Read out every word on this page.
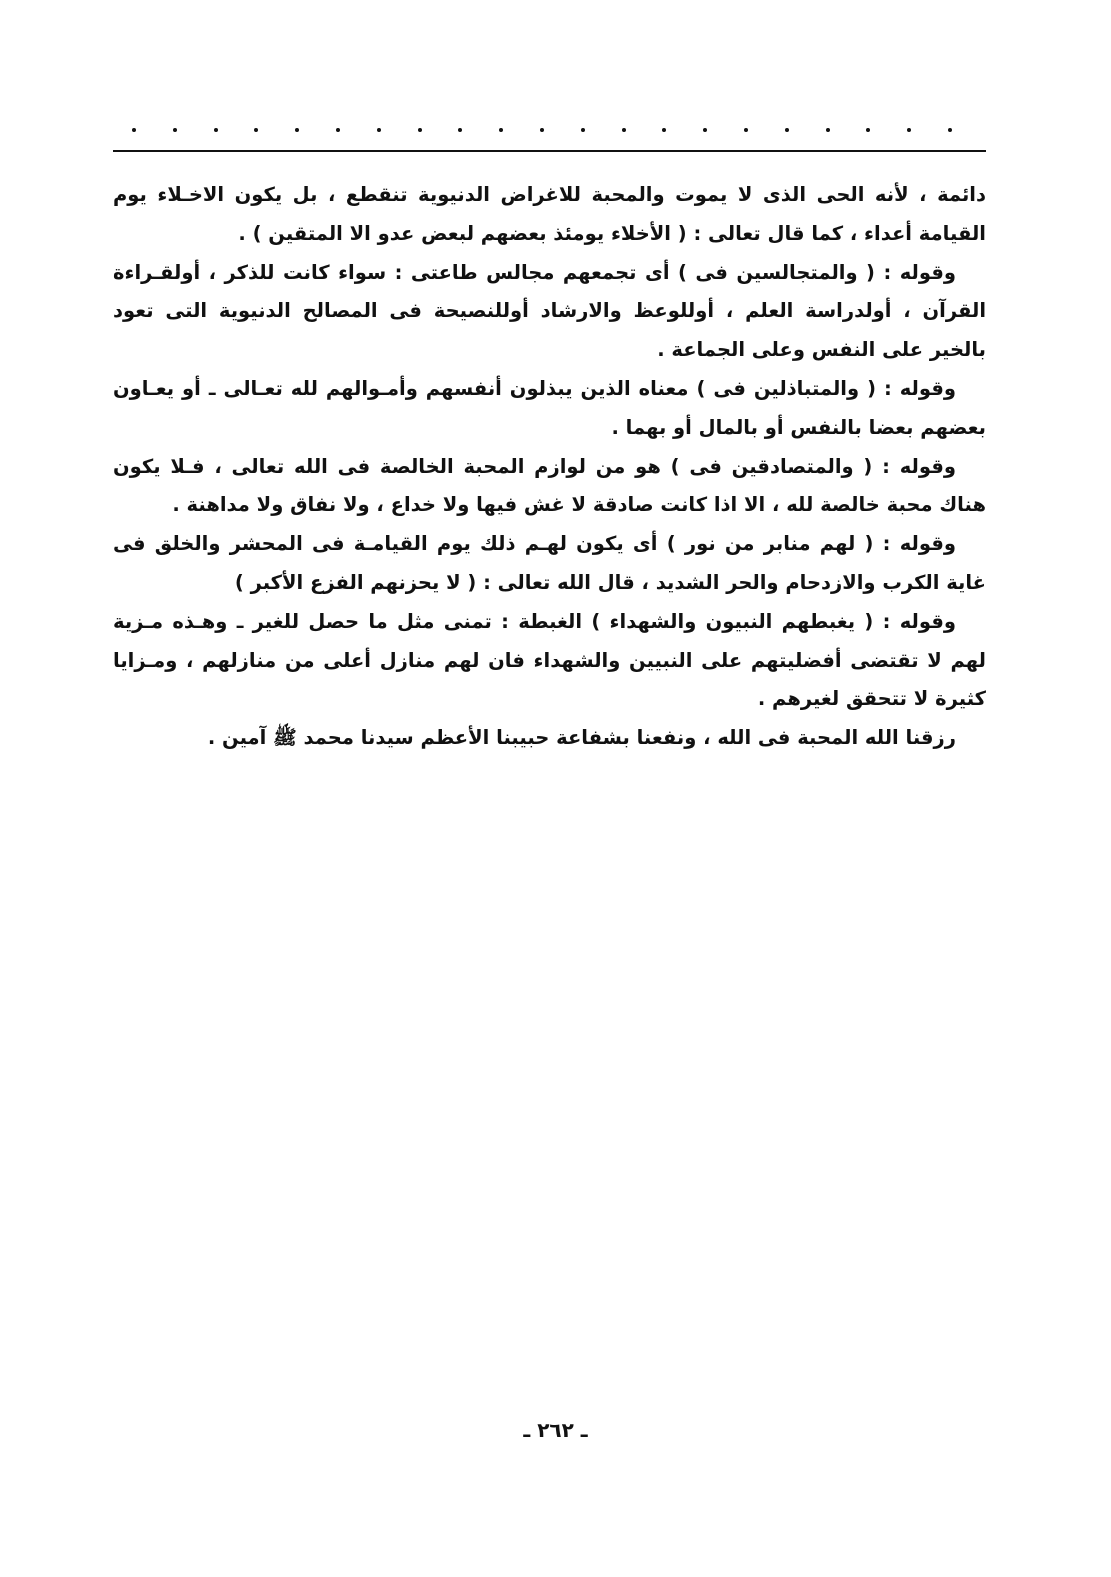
دائمة ، لأنه الحى الذى لا يموت والمحبة للاغراض الدنيوية تنقطع ، بل يكون الاخـلاء يوم القيامة أعداء ، كما قال تعالى : ( الأخلاء يومئذ بعضهم لبعض عدو الا المتقين ) .

وقوله : ( والمتجالسين فى ) أى تجمعهم مجالس طاعتى : سواء كانت للذكر ، أولقـراءة القرآن ، أولدراسة العلم ، أوللوعظ والارشاد أوللنصيحة فى المصالح الدنيوية التى تعود بالخير على النفس وعلى الجماعة .

وقوله : ( والمتباذلين فى ) معناه الذين يبذلون أنفسهم وأمـوالهم لله تعـالى ـ أو يعـاون بعضهم بعضا بالنفس أو بالمال أو بهما .

وقوله : ( والمتصادقين فى ) هو من لوازم المحبة الخالصة فى الله تعالى ، فـلا يكون هناك محبة خالصة لله ، الا اذا كانت صادقة لا غش فيها ولا خداع ، ولا نفاق ولا مداهنة .

وقوله : ( لهم منابر من نور ) أى يكون لهـم ذلك يوم القيامـة فى المحشر والخلق فى غاية الكرب والازدحام والحر الشديد ، قال الله تعالى : ( لا يحزنهم الفزع الأكبر )

وقوله : ( يغبطهم النبيون والشهداء ) الغبطة : تمنى مثل ما حصل للغير ـ وهـذه مـزية لهم لا تقتضى أفضليتهم على النبيين والشهداء فان لهم منازل أعلى من منازلهم ، ومـزايا كثيرة لا تتحقق لغيرهم .

رزقنا الله المحبة فى الله ، ونفعنا بشفاعة حبيبنا الأعظم سيدنا محمد ﷺ آمين .

ـ ٢٦٢ ـ
